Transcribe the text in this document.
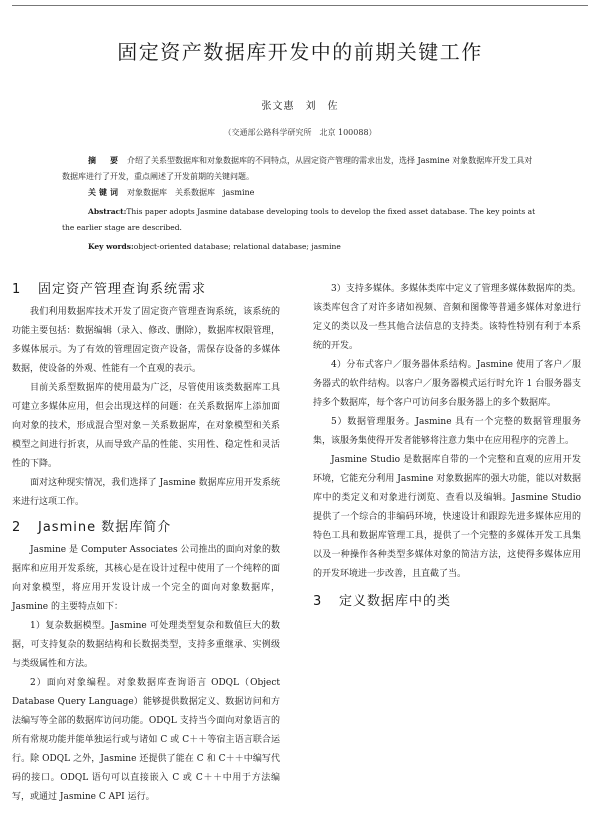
固定资产数据库开发中的前期关键工作
张文惠　刘　佐
（交通部公路科学研究所　北京 100088）

摘　要 介绍了关系型数据库和对象数据库的不同特点，从固定资产管理的需求出发，选择 Jasmine 对象数据库开发工具对数据库进行了开发，重点阐述了开发前期的关键问题。

关键词 对象数据库　关系数据库　jasmine

Abstract:This paper adopts Jasmine database developing tools to develop the fixed asset database. The key points at the earlier stage are described.

Key words:object-oriented database; relational database; jasmine

1 固定资产管理查询系统需求

我们利用数据库技术开发了固定资产管理查询系统，该系统的功能主要包括：数据编辑（录入、修改、删除），数据库权限管理，多媒体展示。为了有效的管理固定资产设备，需保存设备的多媒体数据，使设备的外观、性能有一个直观的表示。

目前关系型数据库的使用最为广泛，尽管使用该类数据库工具可建立多媒体应用，但会出现这样的问题：在关系数据库上添加面向对象的技术，形成混合型对象－关系数据库，在对象模型和关系模型之间进行折衷，从而导致产品的性能、实用性、稳定性和灵活性的下降。

面对这种现实情况，我们选择了 Jasmine 数据库应用开发系统来进行这项工作。

2 Jasmine 数据库简介

Jasmine 是 Computer Associates 公司推出的面向对象的数据库和应用开发系统，其核心是在设计过程中使用了一个纯粹的面向对象模型，将应用开发设计成一个完全的面向对象数据库，Jasmine 的主要特点如下：

1）复杂数据模型。Jasmine 可处理类型复杂和数值巨大的数据，可支持复杂的数据结构和长数据类型，支持多重继承、实例级与类级属性和方法。

2）面向对象编程。对象数据库查询语言 ODQL（Object Database Query Language）能够提供数据定义、数据访问和方法编写等全部的数据库访问功能。ODQL 支持当今面向对象语言的所有常规功能并能单独运行或与诸如 C 或 C＋＋等宿主语言联合运行。除 ODQL 之外，Jasmine 还提供了能在 C 和 C＋＋中编写代码的接口。ODQL 语句可以直接嵌入 C 或 C＋＋中用于方法编写，或通过 Jasmine C API 运行。

3）支持多媒体。多媒体类库中定义了管理多媒体数据库的类。该类库包含了对许多诸如视频、音频和图像等普通多媒体对象进行定义的类以及一些其他合法信息的支持类。该特性特别有利于本系统的开发。

4）分布式客户／服务器体系结构。Jasmine 使用了客户／服务器式的软件结构。以客户／服务器模式运行时允许 1 台服务器支持多个数据库，每个客户可访问多台服务器上的多个数据库。

5）数据管理服务。Jasmine 具有一个完整的数据管理服务集，该服务集使得开发者能够将注意力集中在应用程序的完善上。

Jasmine Studio 是数据库自带的一个完整和直观的应用开发环境，它能充分利用 Jasmine 对象数据库的强大功能，能以对数据库中的类定义和对象进行浏览、查看以及编辑。Jasmine Studio 提供了一个综合的非编码环境，快速设计和跟踪先进多媒体应用的特色工具和数据库管理工具，提供了一个完整的多媒体开发工具集以及一种操作各种类型多媒体对象的简洁方法，这使得多媒体应用的开发环境进一步改善，且直截了当。

3 定义数据库中的类
